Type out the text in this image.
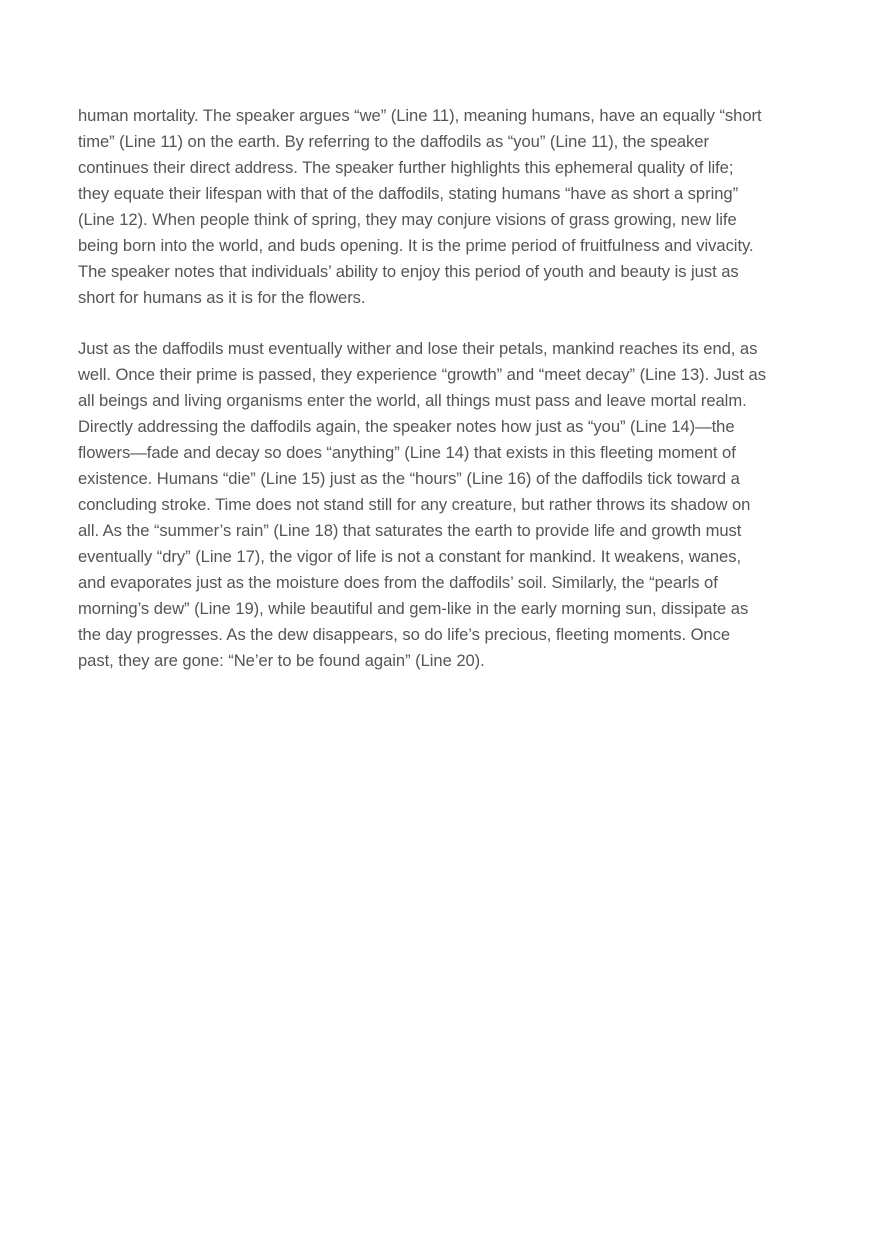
human mortality. The speaker argues “we” (Line 11), meaning humans, have an equally “short
time” (Line 11) on the earth. By referring to the daffodils as “you” (Line 11), the speaker
continues their direct address. The speaker further highlights this ephemeral quality of life;
they equate their lifespan with that of the daffodils, stating humans “have as short a spring”
(Line 12). When people think of spring, they may conjure visions of grass growing, new life
being born into the world, and buds opening. It is the prime period of fruitfulness and vivacity.
The speaker notes that individuals’ ability to enjoy this period of youth and beauty is just as
short for humans as it is for the flowers.

Just as the daffodils must eventually wither and lose their petals, mankind reaches its end, as
well. Once their prime is passed, they experience “growth” and “meet decay” (Line 13). Just as
all beings and living organisms enter the world, all things must pass and leave mortal realm.
Directly addressing the daffodils again, the speaker notes how just as “you” (Line 14)—the
flowers—fade and decay so does “anything” (Line 14) that exists in this fleeting moment of
existence. Humans “die” (Line 15) just as the “hours” (Line 16) of the daffodils tick toward a
concluding stroke. Time does not stand still for any creature, but rather throws its shadow on
all. As the “summer’s rain” (Line 18) that saturates the earth to provide life and growth must
eventually “dry” (Line 17), the vigor of life is not a constant for mankind. It weakens, wanes,
and evaporates just as the moisture does from the daffodils’ soil. Similarly, the “pearls of
morning’s dew” (Line 19), while beautiful and gem-like in the early morning sun, dissipate as
the day progresses. As the dew disappears, so do life’s precious, fleeting moments. Once
past, they are gone: “Ne’er to be found again” (Line 20).
